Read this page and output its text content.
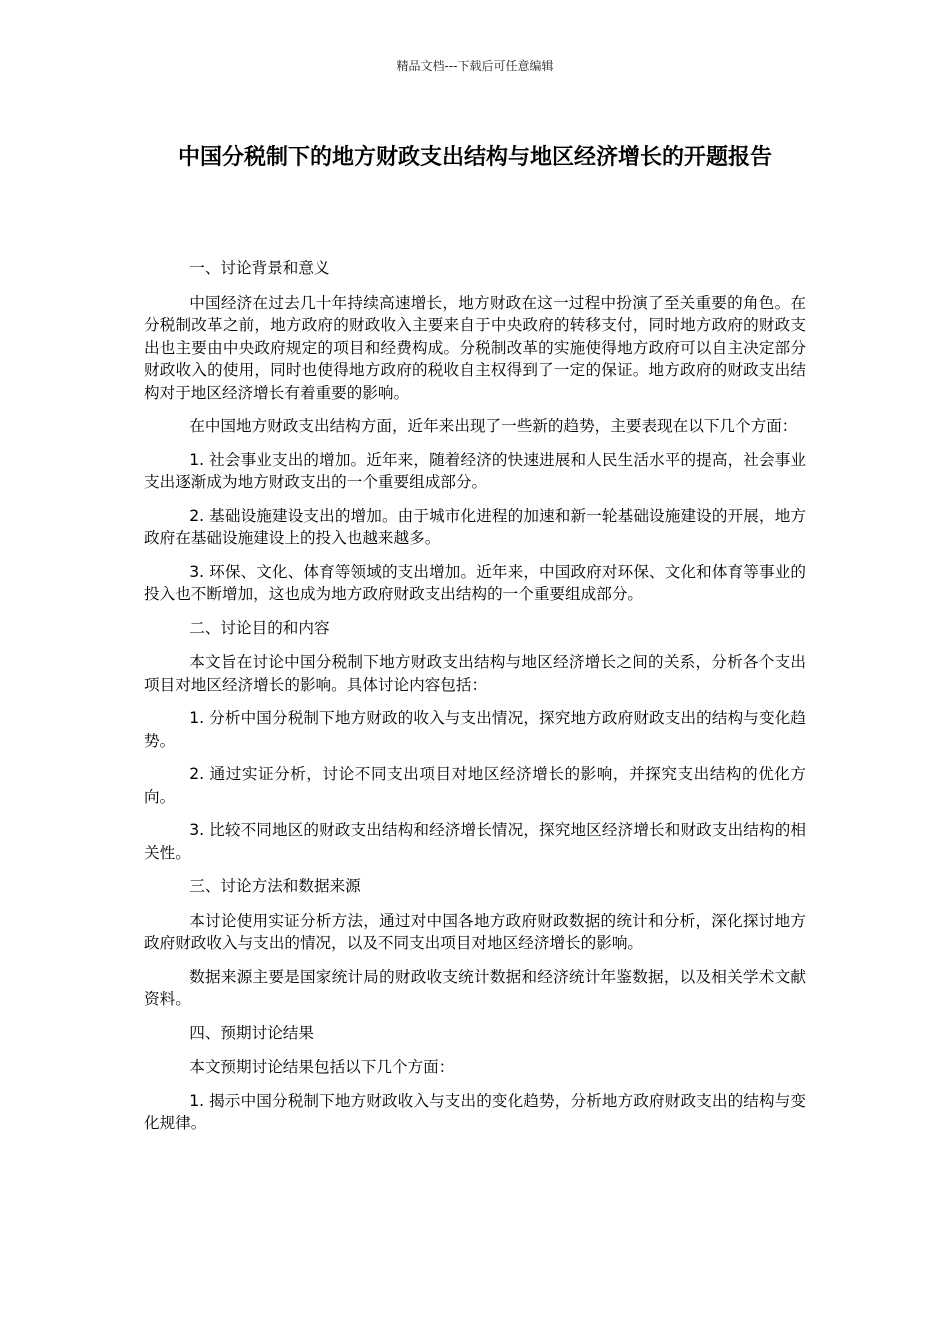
精品文档---下载后可任意编辑
中国分税制下的地方财政支出结构与地区经济增长的开题报告

一、讨论背景和意义

中国经济在过去几十年持续高速增长，地方财政在这一过程中扮演了至关重要的角色。在分税制改革之前，地方政府的财政收入主要来自于中央政府的转移支付，同时地方政府的财政支出也主要由中央政府规定的项目和经费构成。分税制改革的实施使得地方政府可以自主决定部分财政收入的使用，同时也使得地方政府的税收自主权得到了一定的保证。地方政府的财政支出结构对于地区经济增长有着重要的影响。

在中国地方财政支出结构方面，近年来出现了一些新的趋势，主要表现在以下几个方面：

1. 社会事业支出的增加。近年来，随着经济的快速进展和人民生活水平的提高，社会事业支出逐渐成为地方财政支出的一个重要组成部分。

2. 基础设施建设支出的增加。由于城市化进程的加速和新一轮基础设施建设的开展，地方政府在基础设施建设上的投入也越来越多。

3. 环保、文化、体育等领域的支出增加。近年来，中国政府对环保、文化和体育等事业的投入也不断增加，这也成为地方政府财政支出结构的一个重要组成部分。

二、讨论目的和内容

本文旨在讨论中国分税制下地方财政支出结构与地区经济增长之间的关系，分析各个支出项目对地区经济增长的影响。具体讨论内容包括：

1. 分析中国分税制下地方财政的收入与支出情况，探究地方政府财政支出的结构与变化趋势。

2. 通过实证分析，讨论不同支出项目对地区经济增长的影响，并探究支出结构的优化方向。

3. 比较不同地区的财政支出结构和经济增长情况，探究地区经济增长和财政支出结构的相关性。

三、讨论方法和数据来源

本讨论使用实证分析方法，通过对中国各地方政府财政数据的统计和分析，深化探讨地方政府财政收入与支出的情况，以及不同支出项目对地区经济增长的影响。

数据来源主要是国家统计局的财政收支统计数据和经济统计年鉴数据，以及相关学术文献资料。

四、预期讨论结果

本文预期讨论结果包括以下几个方面：

1. 揭示中国分税制下地方财政收入与支出的变化趋势，分析地方政府财政支出的结构与变化规律。
